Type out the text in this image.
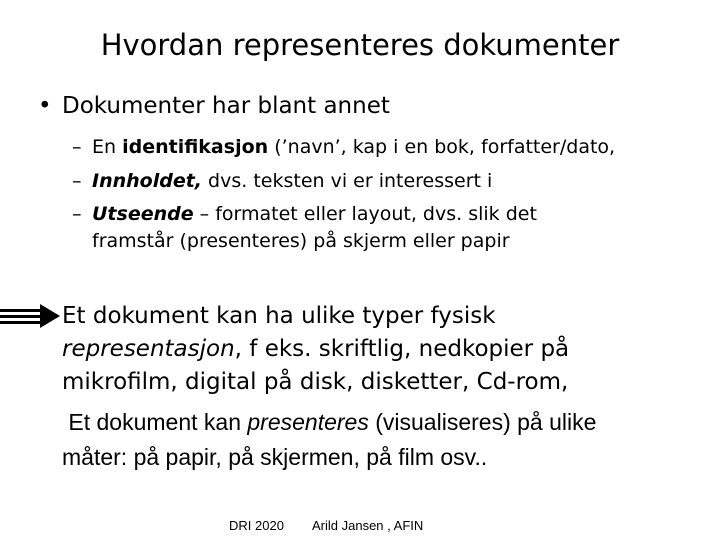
Hvordan representeres dokumenter
• Dokumenter har blant annet
– En identifikasjon (’navn’, kap i en bok, forfatter/dato,
– Innholdet, dvs. teksten vi er interessert i
– Utseende – formatet eller layout, dvs. slik det
framstår (presenteres) på skjerm eller papir
Et dokument kan ha ulike typer fysisk
representasjon, f eks. skriftlig, nedkopier på
mikrofilm, digital på disk, disketter, Cd-rom,
Et dokument kan presenteres (visualiseres) på ulike
måter: på papir, på skjermen, på film osv..
DRI 2020 Arild Jansen , AFIN
